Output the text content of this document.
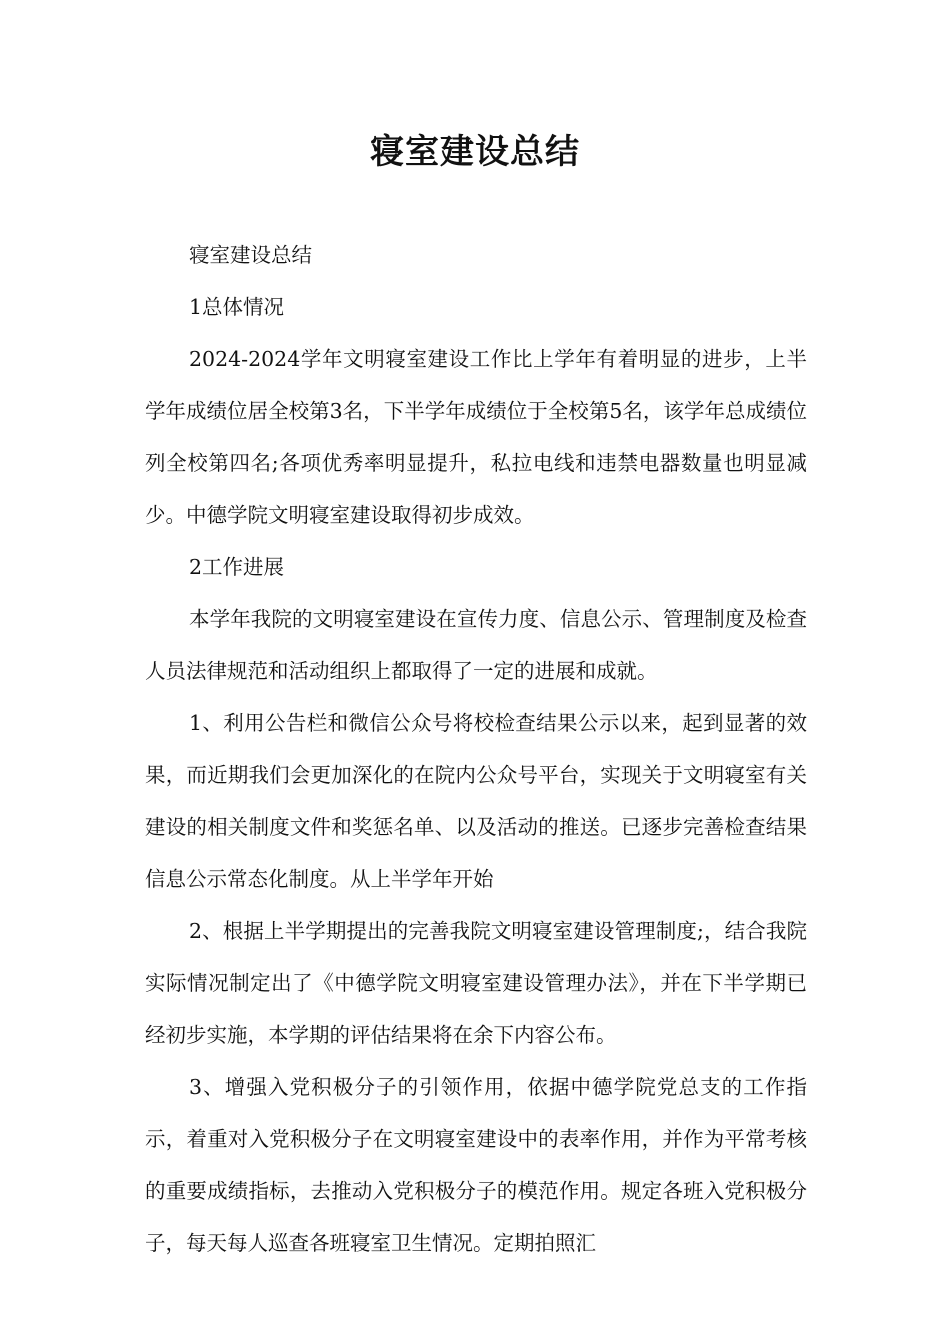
寝室建设总结

寝室建设总结

1总体情况

2024-2024学年文明寝室建设工作比上学年有着明显的进步，上半学年成绩位居全校第3名，下半学年成绩位于全校第5名，该学年总成绩位列全校第四名;各项优秀率明显提升，私拉电线和违禁电器数量也明显减少。中德学院文明寝室建设取得初步成效。

2工作进展

本学年我院的文明寝室建设在宣传力度、信息公示、管理制度及检查人员法律规范和活动组织上都取得了一定的进展和成就。

1、利用公告栏和微信公众号将校检查结果公示以来，起到显著的效果，而近期我们会更加深化的在院内公众号平台，实现关于文明寝室有关建设的相关制度文件和奖惩名单、以及活动的推送。已逐步完善检查结果信息公示常态化制度。从上半学年开始

2、根据上半学期提出的完善我院文明寝室建设管理制度;，结合我院实际情况制定出了《中德学院文明寝室建设管理办法》，并在下半学期已经初步实施，本学期的评估结果将在余下内容公布。

3、增强入党积极分子的引领作用，依据中德学院党总支的工作指示，着重对入党积极分子在文明寝室建设中的表率作用，并作为平常考核的重要成绩指标，去推动入党积极分子的模范作用。规定各班入党积极分子，每天每人巡查各班寝室卫生情况。定期拍照汇
